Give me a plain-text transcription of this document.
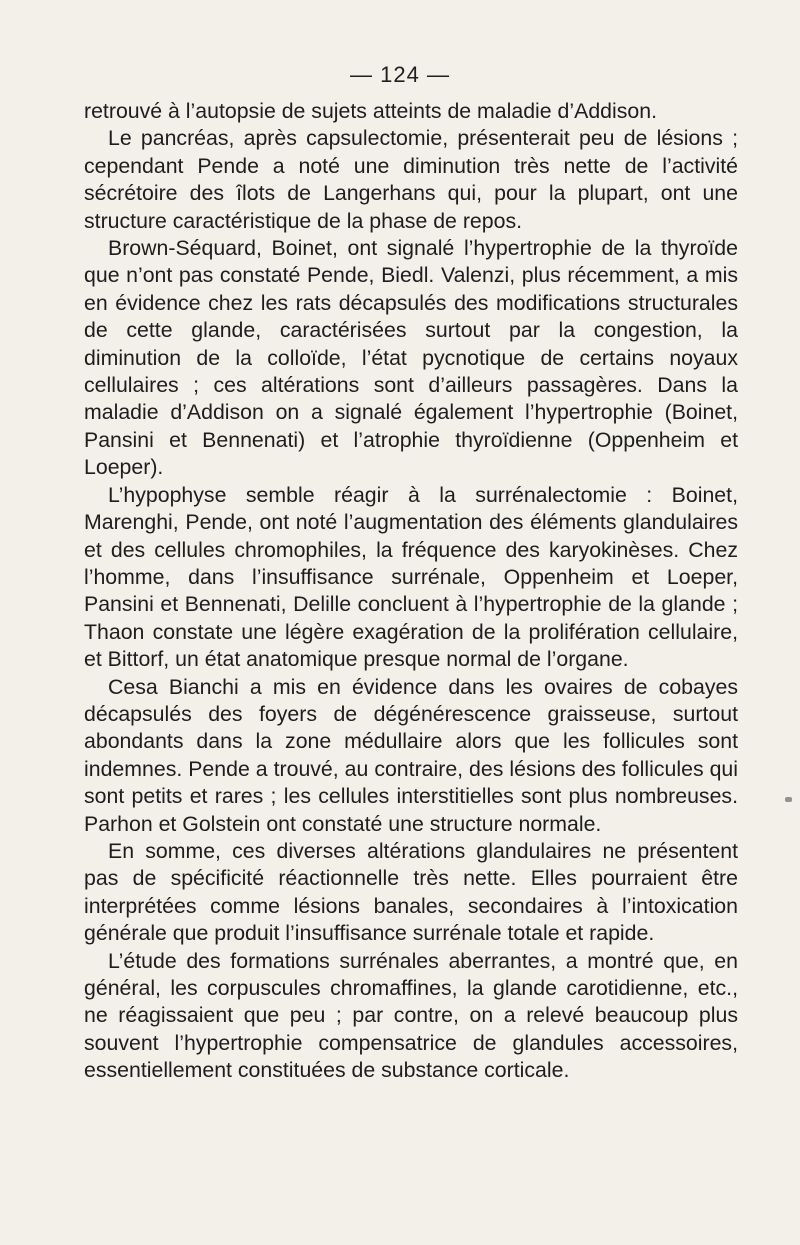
— 124 —

retrouvé à l’autopsie de sujets atteints de maladie d’Addison.

Le pancréas, après capsulectomie, présenterait peu de lésions ; cependant Pende a noté une diminution très nette de l’activité sécrétoire des îlots de Langerhans qui, pour la plupart, ont une structure caractéristique de la phase de repos.

Brown-Séquard, Boinet, ont signalé l’hypertrophie de la thyroïde que n’ont pas constaté Pende, Biedl. Valenzi, plus récemment, a mis en évidence chez les rats décapsulés des modifications structurales de cette glande, caractérisées surtout par la congestion, la diminution de la colloïde, l’état pycnotique de certains noyaux cellulaires ; ces altérations sont d’ailleurs passagères. Dans la maladie d’Addison on a signalé également l’hypertrophie (Boinet, Pansini et Bennenati) et l’atrophie thyroïdienne (Oppenheim et Loeper).

L’hypophyse semble réagir à la surrénalectomie : Boinet, Marenghi, Pende, ont noté l’augmentation des éléments glandulaires et des cellules chromophiles, la fréquence des karyokinèses. Chez l’homme, dans l’insuffisance surrénale, Oppenheim et Loeper, Pansini et Bennenati, Delille concluent à l’hypertrophie de la glande ; Thaon constate une légère exagération de la prolifération cellulaire, et Bittorf, un état anatomique presque normal de l’organe.

Cesa Bianchi a mis en évidence dans les ovaires de cobayes décapsulés des foyers de dégénérescence graisseuse, surtout abondants dans la zone médullaire alors que les follicules sont indemnes. Pende a trouvé, au contraire, des lésions des follicules qui sont petits et rares ; les cellules interstitielles sont plus nombreuses. Parhon et Golstein ont constaté une structure normale.

En somme, ces diverses altérations glandulaires ne présentent pas de spécificité réactionnelle très nette. Elles pourraient être interprétées comme lésions banales, secondaires à l’intoxication générale que produit l’insuffisance surrénale totale et rapide.

L’étude des formations surrénales aberrantes, a montré que, en général, les corpuscules chromaffines, la glande carotidienne, etc., ne réagissaient que peu ; par contre, on a relevé beaucoup plus souvent l’hypertrophie compensatrice de glandules accessoires, essentiellement constituées de substance corticale.
